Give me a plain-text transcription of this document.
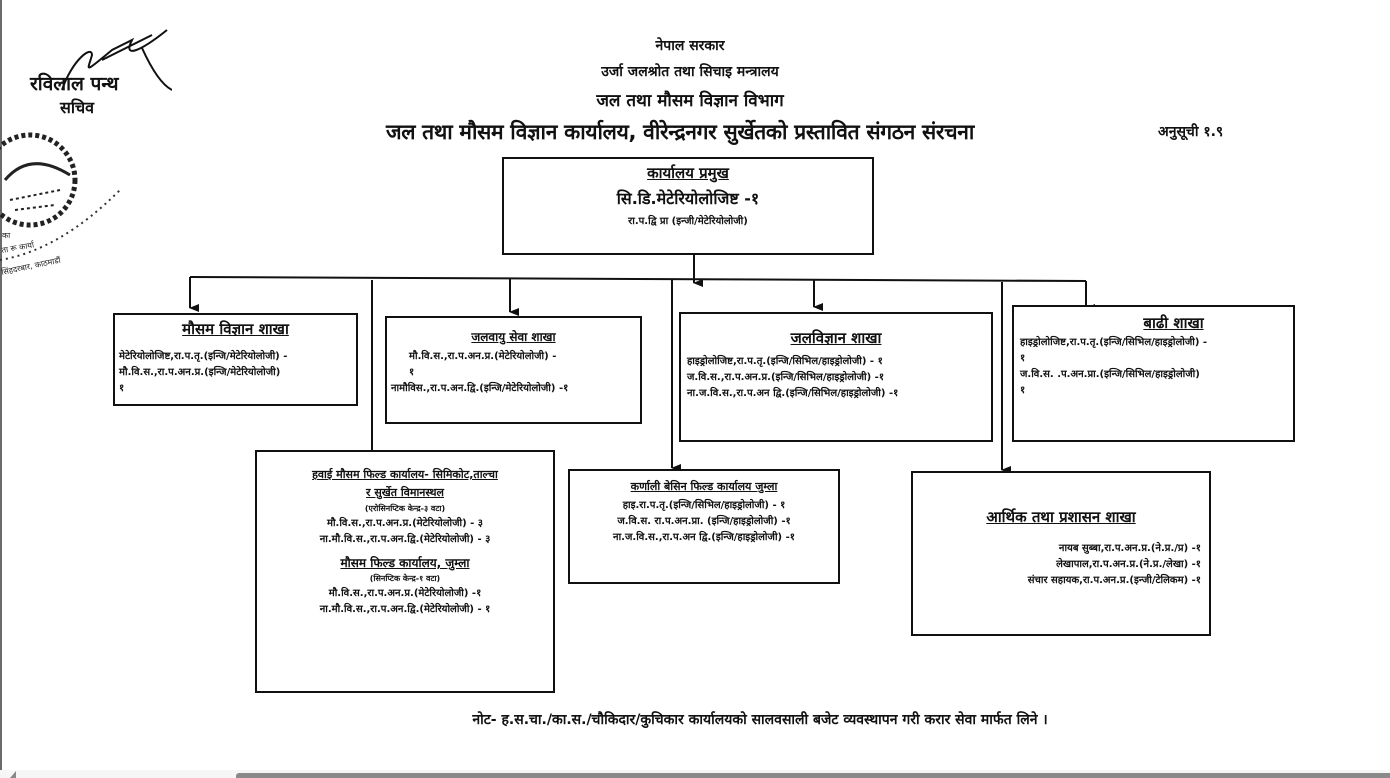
रविलाल पन्थ
सचिव
का
ता रू कार्या
सिंहदरबार, काठमाडौं
नेपाल सरकार
उर्जा जलश्रोत तथा सिचाइ मन्त्रालय
जल तथा मौसम विज्ञान विभाग
जल तथा मौसम विज्ञान कार्यालय, वीरेन्द्रनगर सुर्खेतको प्रस्तावित संगठन संरचना	अनुसूची १.९
कार्यालय प्रमुख
सि.डि.मेटेरियोलोजिष्ट -१
रा.प.द्वि प्रा (इन्जी/मेटेरियोलोजी)
मौसम विज्ञान शाखा
मेटेरियोलोजिष्ट,रा.प.तृ.(इन्जि/मेटेरियोलोजी) -
मौ.वि.स.,रा.प.अन.प्र.(इन्जि/मेटेरियोलोजी)
१
जलवायु सेवा शाखा
मौ.वि.स.,रा.प.अन.प्र.(मेटेरियोलोजी) -
१
नामौविस.,रा.प.अन.द्वि.(इन्जि/मेटेरियोलोजी) -१
जलविज्ञान शाखा
हाइड्रोलोजिष्ट,रा.प.तृ.(इन्जि/सिभिल/हाइड्रोलोजी) - १
ज.वि.स.,रा.प.अन.प्र.(इन्जि/सिभिल/हाइड्रोलोजी) -१
ना.ज.वि.स.,रा.प.अन द्वि.(इन्जि/सिभिल/हाइड्रोलोजी) -१
बाढी शाखा
हाइड्रोलोजिष्ट,रा.प.तृ.(इन्जि/सिभिल/हाइड्रोलोजी) -
१
ज.वि.स. .प.अन.प्रा.(इन्जि/सिभिल/हाइड्रोलोजी)
१
हवाई मौसम फिल्ड कार्यालय- सिमिकोट,ताल्चा
र सुर्खेत विमानस्थल
(एरोसिनप्टिक केन्द्र-३ वटा)
मौ.वि.स.,रा.प.अन.प्र.(मेटेरियोलोजी) - ३
ना.मौ.वि.स.,रा.प.अन.द्वि.(मेटेरियोलोजी) - ३
मौसम फिल्ड कार्यालय, जुम्ला
(सिनप्टिक केन्द्र-१ वटा)
मौ.वि.स.,रा.प.अन.प्र.(मेटेरियोलोजी) -१
ना.मौ.वि.स.,रा.प.अन.द्वि.(मेटेरियोलोजी) - १
कर्णाली बेसिन फिल्ड कार्यालय जुम्ला
हाइ.रा.प.तृ.(इन्जि/सिभिल/हाइड्रोलोजी) - १
ज.वि.स. रा.प.अन.प्रा. (इन्जि/हाइड्रोलोजी) -१
ना.ज.वि.स.,रा.प.अन द्वि.(इन्जि/हाइड्रोलोजी) -१
आर्थिक तथा प्रशासन शाखा
नायब सुब्बा,रा.प.अन.प्र.(ने.प्र./प्र) -१
लेखापाल,रा.प.अन.प्र.(ने.प्र./लेखा) -१
संचार सहायक,रा.प.अन.प्र.(इन्जी/टेलिकम) -१
नोट- ह.स.चा./का.स./चौकिदार/कुचिकार कार्यालयको सालवसाली बजेट व्यवस्थापन गरी करार सेवा मार्फत लिने ।
